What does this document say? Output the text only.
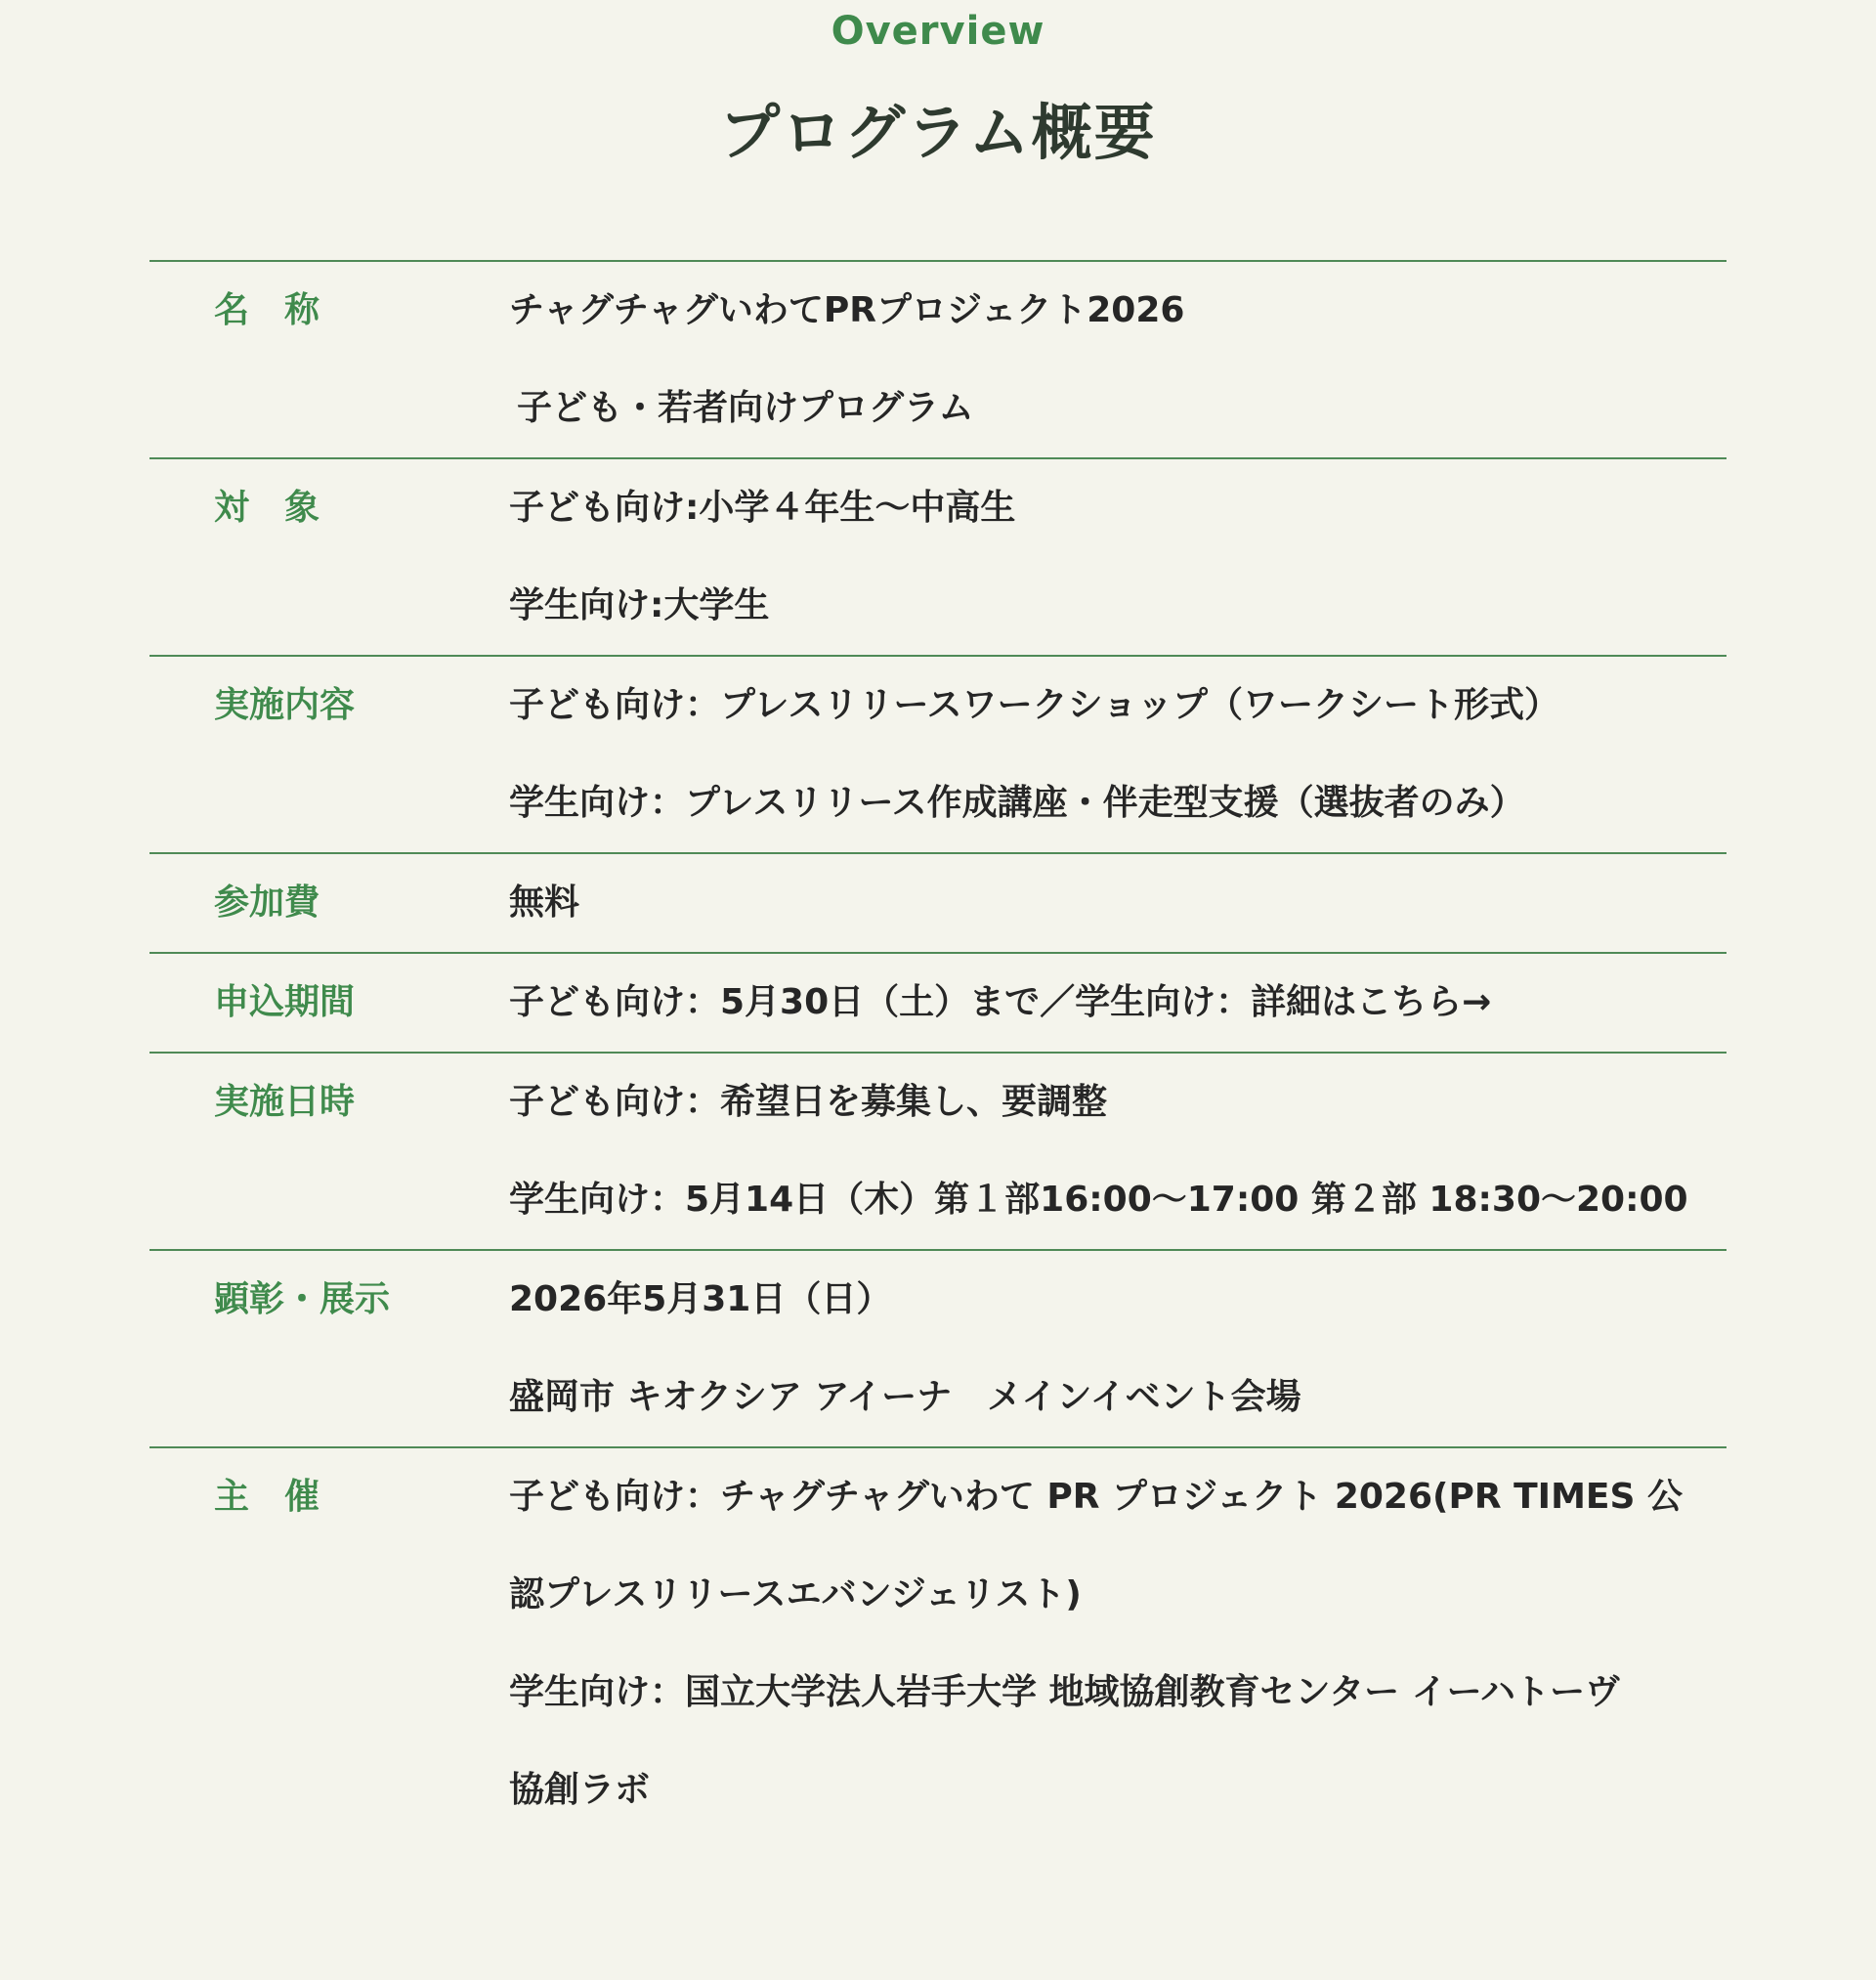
Overview
プログラム概要
名　称	チャグチャグいわてPRプロジェクト2026
子ども・若者向けプログラム
対　象	子ども向け:小学４年生〜中高生
学生向け:大学生
実施内容	子ども向け：プレスリリースワークショップ（ワークシート形式）
学生向け：プレスリリース作成講座・伴走型支援（選抜者のみ）
参加費	無料
申込期間	子ども向け：5月30日（土）まで／学生向け：詳細はこちら→
実施日時	子ども向け：希望日を募集し、要調整
学生向け：5月14日（木）第１部16:00〜17:00 第２部 18:30〜20:00
顕彰・展示	2026年5月31日（日）
盛岡市 キオクシア アイーナ　メインイベント会場
主　催	子ども向け：チャグチャグいわて PR プロジェクト 2026(PR TIMES 公
認プレスリリースエバンジェリスト)
学生向け：国立大学法人岩手大学 地域協創教育センター イーハトーヴ
協創ラボ
